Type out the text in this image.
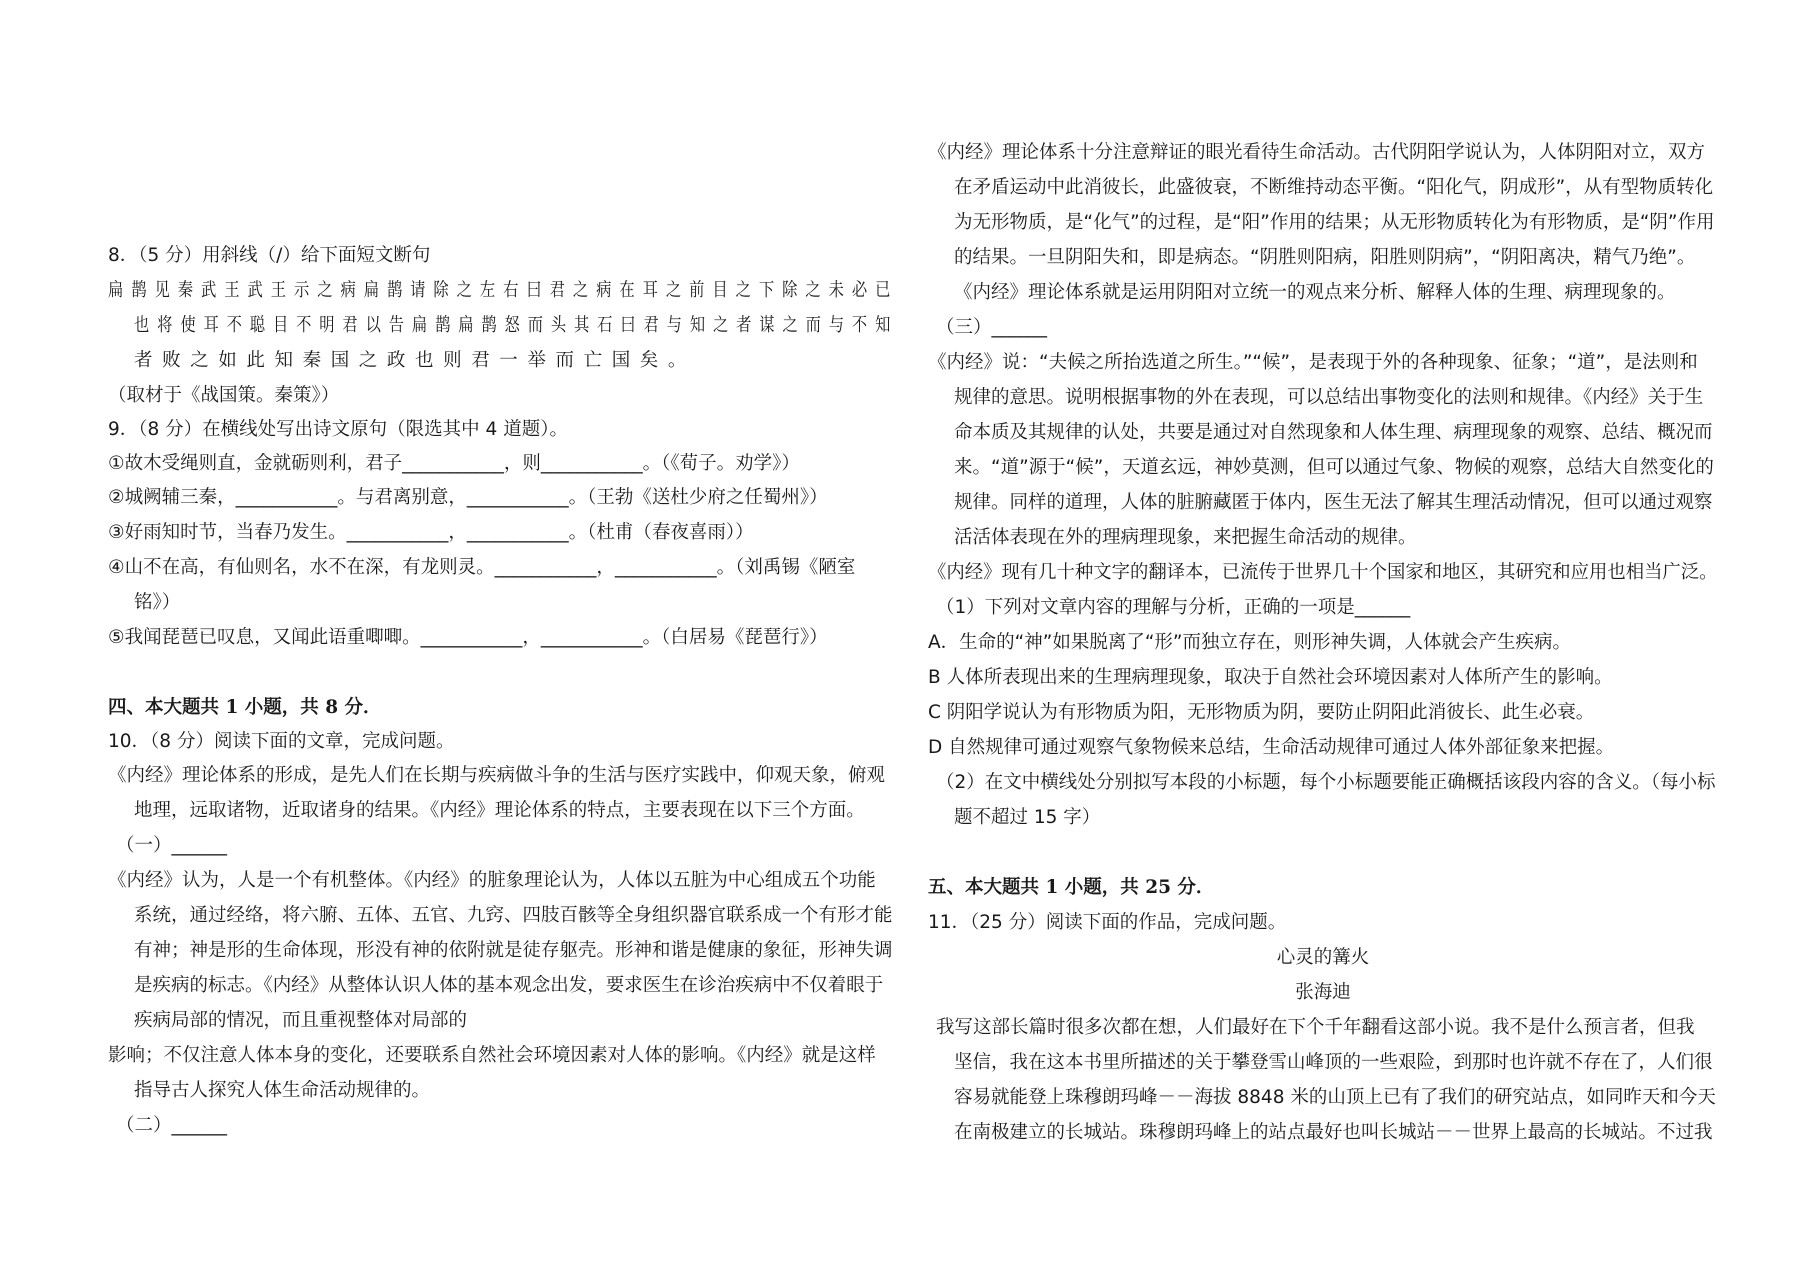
8．（5 分）用斜线（/）给下面短文断句
扁鹊见秦武王武王示之病扁鹊请除之左右曰君之病在耳之前目之下除之未必已
也将使耳不聪目不明君以告扁鹊扁鹊怒而头其石曰君与知之者谋之而与不知
者败之如此知秦国之政也则君一举而亡国矣。
（取材于《战国策。秦策》）
9．（8 分）在横线处写出诗文原句（限选其中 4 道题）。
①故木受绳则直，金就砺则利，君子___________，则___________。（《荀子。劝学》）
②城阙辅三秦，___________。与君离别意，___________。（王勃《送杜少府之任蜀州》）
③好雨知时节，当春乃发生。___________，___________。（杜甫（春夜喜雨））
④山不在高，有仙则名，水不在深，有龙则灵。___________，___________。（刘禹锡《陋室
铭》）
⑤我闻琵琶已叹息，又闻此语重唧唧。___________，___________。（白居易《琵琶行》）
四、本大题共 1 小题，共 8 分．
10．（8 分）阅读下面的文章，完成问题。
《内经》理论体系的形成，是先人们在长期与疾病做斗争的生活与医疗实践中，仰观天象，俯观
地理，远取诸物，近取诸身的结果。《内经》理论体系的特点，主要表现在以下三个方面。
（一）______
《内经》认为，人是一个有机整体。《内经》的脏象理论认为，人体以五脏为中心组成五个功能
系统，通过经络，将六腑、五体、五官、九窍、四肢百骸等全身组织器官联系成一个有形才能
有神；神是形的生命体现，形没有神的依附就是徒存躯壳。形神和谐是健康的象征，形神失调
是疾病的标志。《内经》从整体认识人体的基本观念出发，要求医生在诊治疾病中不仅着眼于
疾病局部的情况，而且重视整体对局部的
影响；不仅注意人体本身的变化，还要联系自然社会环境因素对人体的影响。《内经》就是这样
指导古人探究人体生命活动规律的。
（二）______
《内经》理论体系十分注意辩证的眼光看待生命活动。古代阴阳学说认为，人体阴阳对立，双方
在矛盾运动中此消彼长，此盛彼衰，不断维持动态平衡。“阳化气，阴成形”，从有型物质转化
为无形物质，是“化气”的过程，是“阳”作用的结果；从无形物质转化为有形物质，是“阴”作用
的结果。一旦阴阳失和，即是病态。“阴胜则阳病，阳胜则阴病”，“阴阳离决，精气乃绝”。
《内经》理论体系就是运用阴阳对立统一的观点来分析、解释人体的生理、病理现象的。
（三）______
《内经》说：“夫候之所抬选道之所生。”“候”，是表现于外的各种现象、征象；“道”，是法则和
规律的意思。说明根据事物的外在表现，可以总结出事物变化的法则和规律。《内经》关于生
命本质及其规律的认处，共要是通过对自然现象和人体生理、病理现象的观察、总结、概况而
来。“道”源于“候”，天道玄远，神妙莫测，但可以通过气象、物候的观察，总结大自然变化的
规律。同样的道理，人体的脏腑藏匿于体内，医生无法了解其生理活动情况，但可以通过观察
活活体表现在外的理病理现象，来把握生命活动的规律。
《内经》现有几十种文字的翻译本，已流传于世界几十个国家和地区，其研究和应用也相当广泛。
（1）下列对文章内容的理解与分析，正确的一项是______
A．生命的“神”如果脱离了“形”而独立存在，则形神失调，人体就会产生疾病。
B 人体所表现出来的生理病理现象，取决于自然社会环境因素对人体所产生的影响。
C 阴阳学说认为有形物质为阳，无形物质为阴，要防止阴阳此消彼长、此生必衰。
D 自然规律可通过观察气象物候来总结，生命活动规律可通过人体外部征象来把握。
（2）在文中横线处分别拟写本段的小标题，每个小标题要能正确概括该段内容的含义。（每小标
题不超过 15 字）
五、本大题共 1 小题，共 25 分．
11．（25 分）阅读下面的作品，完成问题。
心灵的篝火
张海迪
我写这部长篇时很多次都在想，人们最好在下个千年翻看这部小说。我不是什么预言者，但我
坚信，我在这本书里所描述的关于攀登雪山峰顶的一些艰险，到那时也许就不存在了，人们很
容易就能登上珠穆朗玛峰－－海拔 8848 米的山顶上已有了我们的研究站点，如同昨天和今天
在南极建立的长城站。珠穆朗玛峰上的站点最好也叫长城站－－世界上最高的长城站。不过我
